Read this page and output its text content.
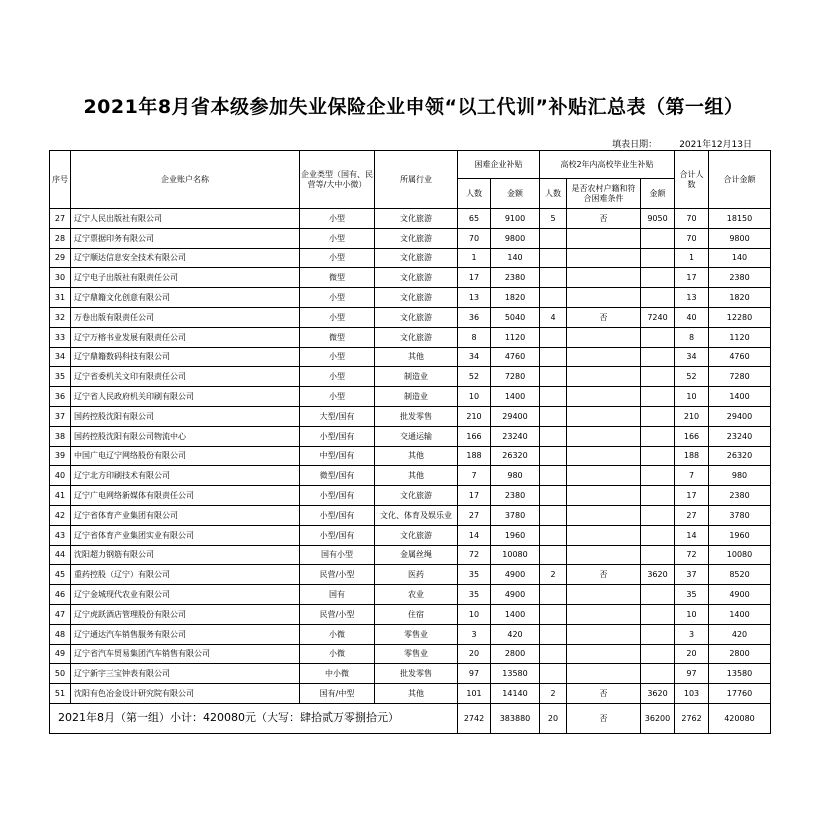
2021年8月省本级参加失业保险企业申领“以工代训”补贴汇总表（第一组）
填表日期： 2021年12月13日
序号	企业账户名称	企业类型（国有、民营等/大中小微）	所属行业	困难企业补贴		高校2年内高校毕业生补贴			合计人数	合计金额
				人数	金额	人数	是否农村户籍和符合困难条件	金额		
27	辽宁人民出版社有限公司	小型	文化旅游	65	9100	5	否	9050	70	18150
28	辽宁票据印务有限公司	小型	文化旅游	70	9800				70	9800
29	辽宁顺达信息安全技术有限公司	小型	文化旅游	1	140				1	140
30	辽宁电子出版社有限责任公司	微型	文化旅游	17	2380				17	2380
31	辽宁鼎籍文化创意有限公司	小型	文化旅游	13	1820				13	1820
32	万卷出版有限责任公司	小型	文化旅游	36	5040	4	否	7240	40	12280
33	辽宁万榕书业发展有限责任公司	微型	文化旅游	8	1120				8	1120
34	辽宁鼎籍数码科技有限公司	小型	其他	34	4760				34	4760
35	辽宁省委机关文印有限责任公司	小型	制造业	52	7280				52	7280
36	辽宁省人民政府机关印刷有限公司	小型	制造业	10	1400				10	1400
37	国药控股沈阳有限公司	大型/国有	批发零售	210	29400				210	29400
38	国药控股沈阳有限公司物流中心	小型/国有	交通运输	166	23240				166	23240
39	中国广电辽宁网络股份有限公司	中型/国有	其他	188	26320				188	26320
40	辽宁北方印刷技术有限公司	微型/国有	其他	7	980				7	980
41	辽宁广电网络新媒体有限责任公司	小型/国有	文化旅游	17	2380				17	2380
42	辽宁省体育产业集团有限公司	小型/国有	文化、体育及娱乐业	27	3780				27	3780
43	辽宁省体育产业集团实业有限公司	小型/国有	文化旅游	14	1960				14	1960
44	沈阳超力钢筋有限公司	国有小型	金属丝绳	72	10080				72	10080
45	重药控股（辽宁）有限公司	民营/小型	医药	35	4900	2	否	3620	37	8520
46	辽宁金城现代农业有限公司	国有	农业	35	4900				35	4900
47	辽宁虎跃酒店管理股份有限公司	民营/小型	住宿	10	1400				10	1400
48	辽宁通达汽车销售服务有限公司	小微	零售业	3	420				3	420
49	辽宁省汽车贸易集团汽车销售有限公司	小微	零售业	20	2800				20	2800
50	辽宁新宇三宝钟表有限公司	中小微	批发零售	97	13580				97	13580
51	沈阳有色冶金设计研究院有限公司	国有/中型	其他	101	14140	2	否	3620	103	17760
2021年8月（第一组）小计：420080元（大写：肆拾贰万零捌拾元）				2742	383880	20	否	36200	2762	420080
